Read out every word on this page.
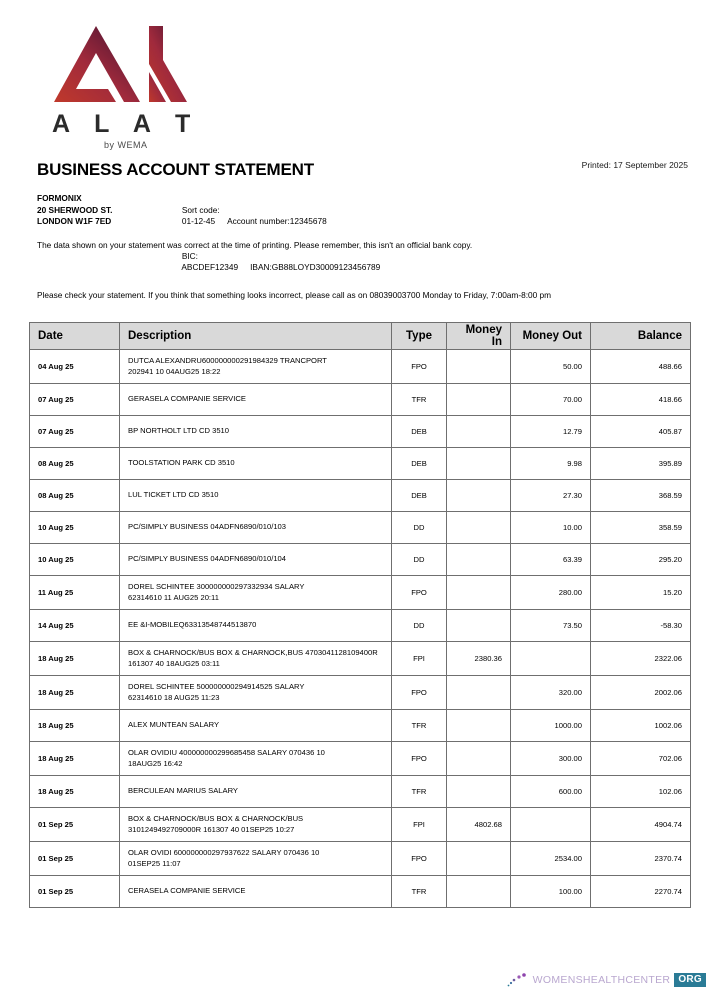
A L A T
by WEMA
BUSINESS ACCOUNT STATEMENT	Printed: 17 September 2025
FORMONIX
20 SHERWOOD ST.
LONDON W1F 7ED

Sort code:
01-12-45 Account number:12345678

BIC:
ABCDEF12349 IBAN:GB88LOYD30009123456789

The data shown on your statement was correct at the time of printing. Please remember, this isn't an official bank copy.
Please check your statement. If you think that something looks incorrect, please call as on 08039003700 Monday to Friday, 7:00am-8:00 pm
Date	Description	Type	Money In	Money Out	Balance
04 Aug 25	DUTCA ALEXANDRU600000000291984329 TRANCPORT
202941 10 04AUG25 18:22	FPO		50.00	488.66
07 Aug 25	GERASELA COMPANIE SERVICE	TFR		70.00	418.66
07 Aug 25	BP NORTHOLT LTD CD 3510	DEB		12.79	405.87
08 Aug 25	TOOLSTATION PARK CD 3510	DEB		9.98	395.89
08 Aug 25	LUL TICKET LTD CD 3510	DEB		27.30	368.59
10 Aug 25	PC/SIMPLY BUSINESS 04ADFN6890/010/103	DD		10.00	358.59
10 Aug 25	PC/SIMPLY BUSINESS 04ADFN6890/010/104	DD		63.39	295.20
11 Aug 25	DOREL SCHINTEE 300000000297332934 SALARY
62314610 11 AUG25 20:11	FPO		280.00	15.20
14 Aug 25	EE &I-MOBILEQ63313548744513870	DD		73.50	-58.30
18 Aug 25	BOX & CHARNOCK/BUS BOX & CHARNOCK,BUS 4703041128109400R
161307 40 18AUG25 03:11	FPI	2380.36		2322.06
18 Aug 25	DOREL SCHINTEE 500000000294914525 SALARY
62314610 18 AUG25 11:23	FPO		320.00	2002.06
18 Aug 25	ALEX MUNTEAN SALARY	TFR		1000.00	1002.06
18 Aug 25	OLAR OVIDIU 400000000299685458 SALARY 070436 10
18AUG25 16:42	FPO		300.00	702.06
18 Aug 25	BERCULEAN MARIUS SALARY	TFR		600.00	102.06
01 Sep 25	BOX & CHARNOCK/BUS BOX & CHARNOCK/BUS
3101249492709000R 161307 40 01SEP25 10:27	FPI	4802.68		4904.74
01 Sep 25	OLAR OVIDI 600000000297937622 SALARY 070436 10
01SEP25 11:07	FPO		2534.00	2370.74
01 Sep 25	CERASELA COMPANIE SERVICE	TFR		100.00	2270.74
WOMENSHEALTHCENTER ORG
